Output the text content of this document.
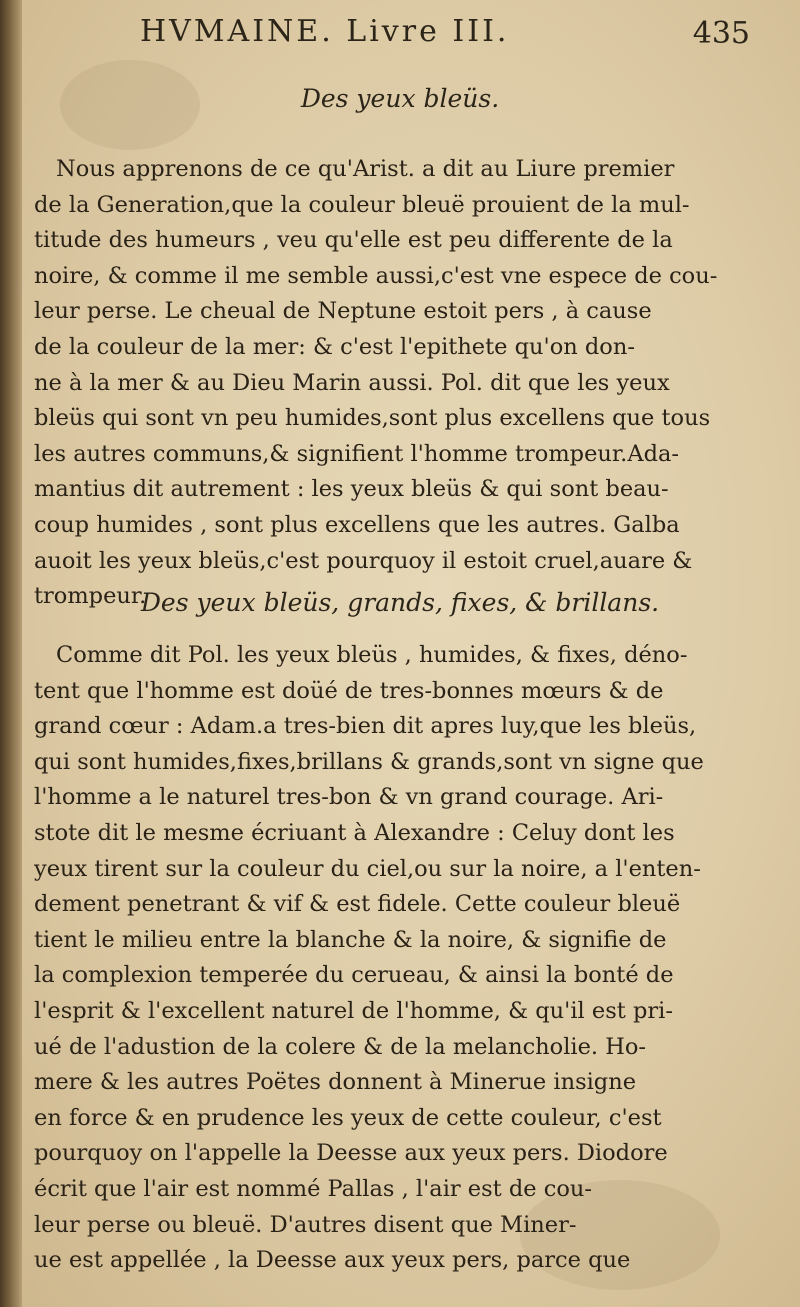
HVMAINE. Livre III.	435
Des yeux bleüs.
Nous apprenons de ce qu'Arist. a dit au Liure premier
de la Generation,que la couleur bleuë prouient de la mul-
titude des humeurs , veu qu'elle est peu differente de la
noire, & comme il me semble aussi,c'est vne espece de cou-
leur perse. Le cheual de Neptune estoit pers , à cause
de la couleur de la mer: & c'est l'epithete qu'on don-
ne à la mer & au Dieu Marin aussi. Pol. dit que les yeux
bleüs qui sont vn peu humides,sont plus excellens que tous
les autres communs,& signifient l'homme trompeur.Ada-
mantius dit autrement : les yeux bleüs & qui sont beau-
coup humides , sont plus excellens que les autres. Galba
auoit les yeux bleüs,c'est pourquoy il estoit cruel,auare &
trompeur.
Des yeux bleüs, grands, fixes, & brillans.
Comme dit Pol. les yeux bleüs , humides, & fixes, déno-
tent que l'homme est doüé de tres-bonnes mœurs & de
grand cœur : Adam.a tres-bien dit apres luy,que les bleüs,
qui sont humides,fixes,brillans & grands,sont vn signe que
l'homme a le naturel tres-bon & vn grand courage. Ari-
stote dit le mesme écriuant à Alexandre : Celuy dont les
yeux tirent sur la couleur du ciel,ou sur la noire, a l'enten-
dement penetrant & vif & est fidele. Cette couleur bleuë
tient le milieu entre la blanche & la noire, & signifie de
la complexion temperée du cerueau, & ainsi la bonté de
l'esprit & l'excellent naturel de l'homme, & qu'il est pri-
ué de l'adustion de la colere & de la melancholie. Ho-
mere & les autres Poëtes donnent à Minerue insigne
en force & en prudence les yeux de cette couleur, c'est
pourquoy on l'appelle la Deesse aux yeux pers. Diodore
écrit que l'air est nommé Pallas , l'air est de cou-
leur perse ou bleuë. D'autres disent que Miner-
ue est appellée , la Deesse aux yeux pers, parce que
